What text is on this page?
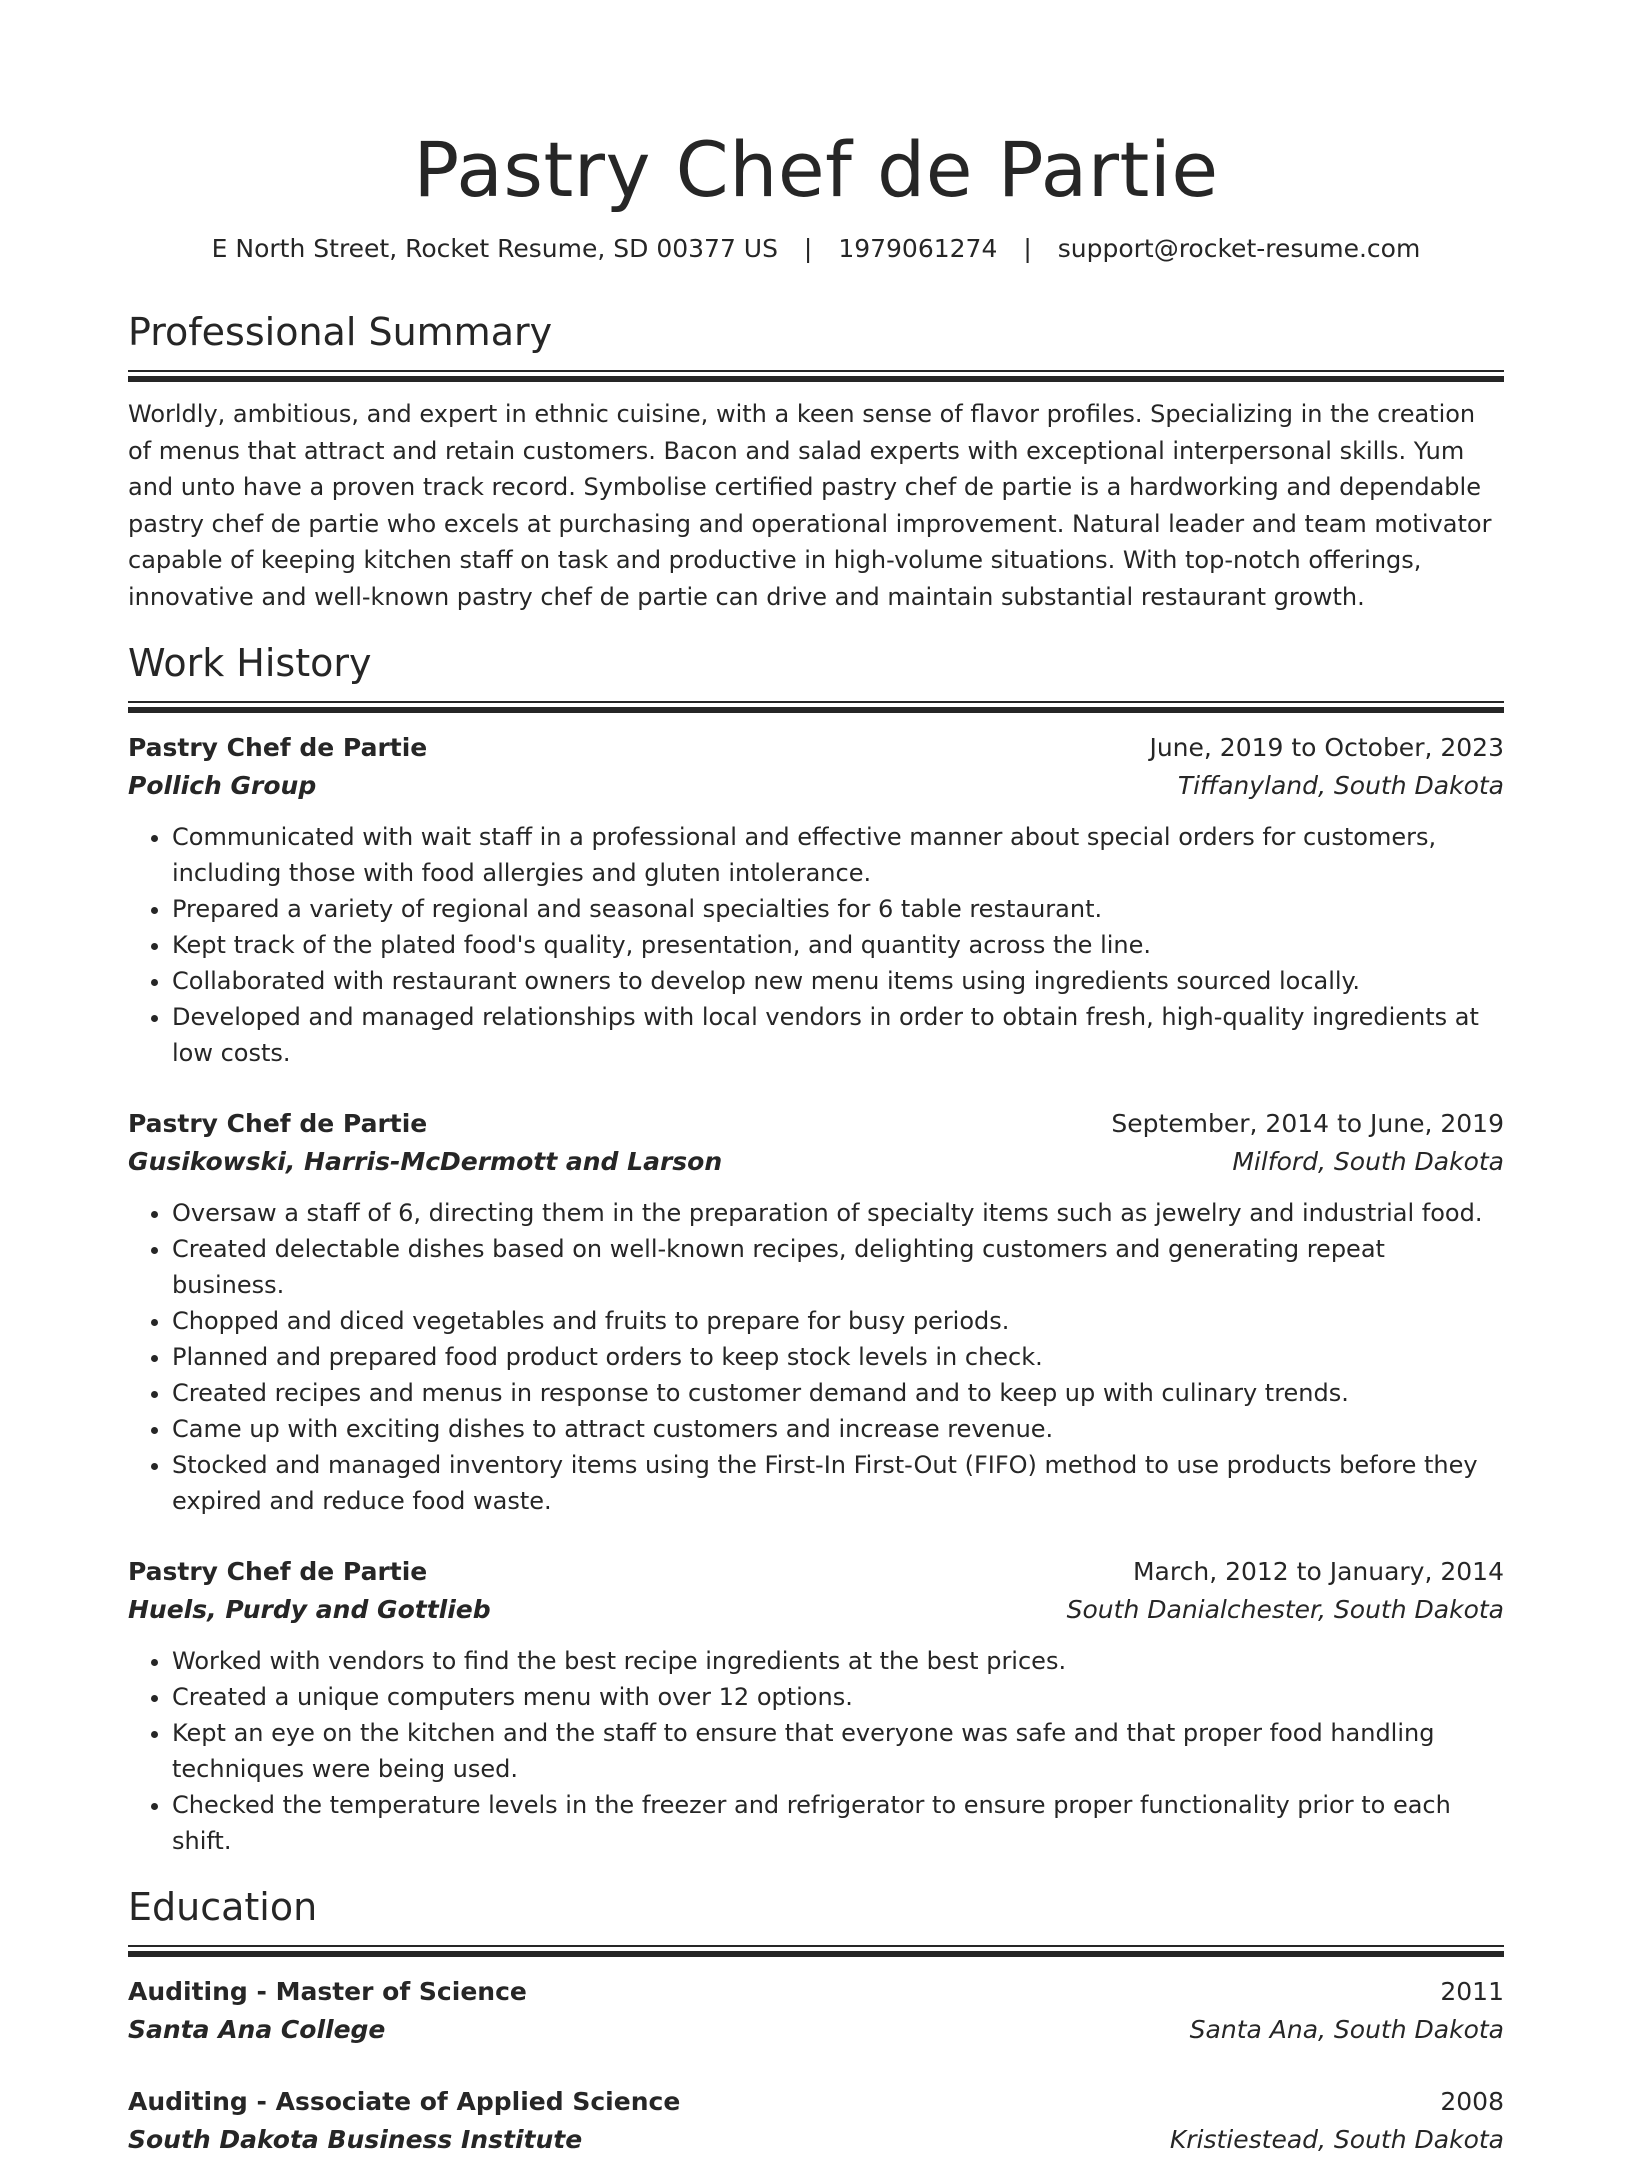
Pastry Chef de Partie
E North Street, Rocket Resume, SD 00377 US | 1979061274 | support@rocket-resume.com
Professional Summary

Worldly, ambitious, and expert in ethnic cuisine, with a keen sense of flavor profiles. Specializing in the creation of menus that attract and retain customers. Bacon and salad experts with exceptional interpersonal skills. Yum and unto have a proven track record. Symbolise certified pastry chef de partie is a hardworking and dependable pastry chef de partie who excels at purchasing and operational improvement. Natural leader and team motivator capable of keeping kitchen staff on task and productive in high-volume situations. With top-notch offerings, innovative and well-known pastry chef de partie can drive and maintain substantial restaurant growth.

Work History
Pastry Chef de Partie	June, 2019 to October, 2023
Pollich Group	Tiffanyland, South Dakota
• Communicated with wait staff in a professional and effective manner about special orders for customers, including those with food allergies and gluten intolerance.
• Prepared a variety of regional and seasonal specialties for 6 table restaurant.
• Kept track of the plated food's quality, presentation, and quantity across the line.
• Collaborated with restaurant owners to develop new menu items using ingredients sourced locally.
• Developed and managed relationships with local vendors in order to obtain fresh, high-quality ingredients at low costs.
Pastry Chef de Partie	September, 2014 to June, 2019
Gusikowski, Harris-McDermott and Larson	Milford, South Dakota
• Oversaw a staff of 6, directing them in the preparation of specialty items such as jewelry and industrial food.
• Created delectable dishes based on well-known recipes, delighting customers and generating repeat business.
• Chopped and diced vegetables and fruits to prepare for busy periods.
• Planned and prepared food product orders to keep stock levels in check.
• Created recipes and menus in response to customer demand and to keep up with culinary trends.
• Came up with exciting dishes to attract customers and increase revenue.
• Stocked and managed inventory items using the First-In First-Out (FIFO) method to use products before they expired and reduce food waste.
Pastry Chef de Partie	March, 2012 to January, 2014
Huels, Purdy and Gottlieb	South Danialchester, South Dakota
• Worked with vendors to find the best recipe ingredients at the best prices.
• Created a unique computers menu with over 12 options.
• Kept an eye on the kitchen and the staff to ensure that everyone was safe and that proper food handling techniques were being used.
• Checked the temperature levels in the freezer and refrigerator to ensure proper functionality prior to each shift.
Education
Auditing - Master of Science	2011
Santa Ana College	Santa Ana, South Dakota
Auditing - Associate of Applied Science	2008
South Dakota Business Institute	Kristiestead, South Dakota
